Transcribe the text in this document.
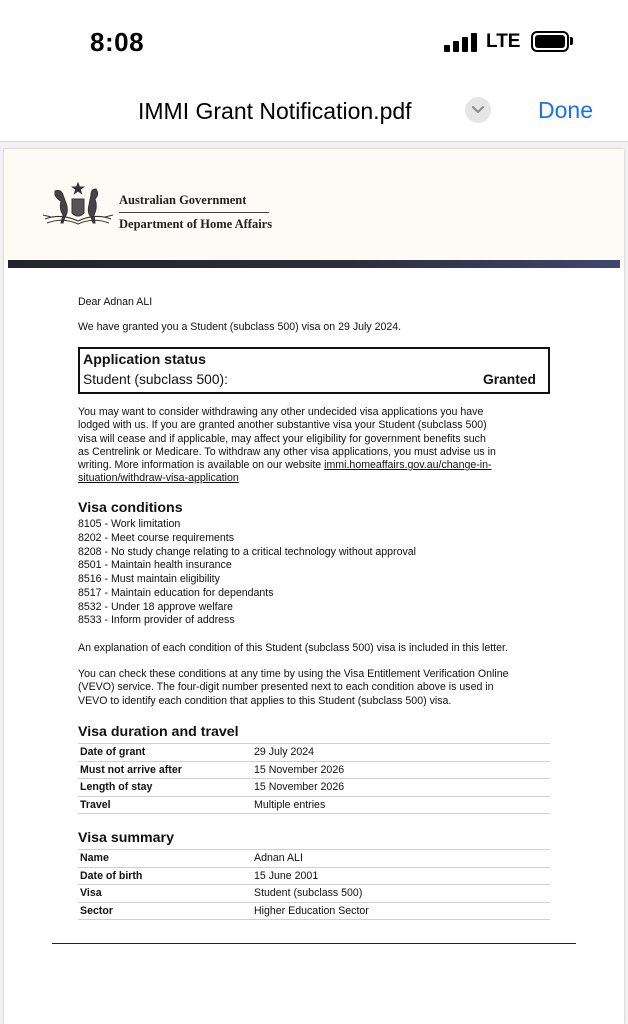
8:08	LTE
IMMI Grant Notification.pdf	Done
Australian Government
Department of Home Affairs
Dear Adnan ALI
We have granted you a Student (subclass 500) visa on 29 July 2024.
Application status
Student (subclass 500):	Granted
You may want to consider withdrawing any other undecided visa applications you have
lodged with us. If you are granted another substantive visa your Student (subclass 500)
visa will cease and if applicable, may affect your eligibility for government benefits such
as Centrelink or Medicare. To withdraw any other visa applications, you must advise us in
writing. More information is available on our website immi.homeaffairs.gov.au/change-in-
situation/withdraw-visa-application
Visa conditions
8105 - Work limitation
8202 - Meet course requirements
8208 - No study change relating to a critical technology without approval
8501 - Maintain health insurance
8516 - Must maintain eligibility
8517 - Maintain education for dependants
8532 - Under 18 approve welfare
8533 - Inform provider of address
An explanation of each condition of this Student (subclass 500) visa is included in this letter.
You can check these conditions at any time by using the Visa Entitlement Verification Online
(VEVO) service. The four-digit number presented next to each condition above is used in
VEVO to identify each condition that applies to this Student (subclass 500) visa.
Visa duration and travel
Date of grant	29 July 2024
Must not arrive after	15 November 2026
Length of stay	15 November 2026
Travel	Multiple entries
Visa summary
Name	Adnan ALI
Date of birth	15 June 2001
Visa	Student (subclass 500)
Sector	Higher Education Sector
